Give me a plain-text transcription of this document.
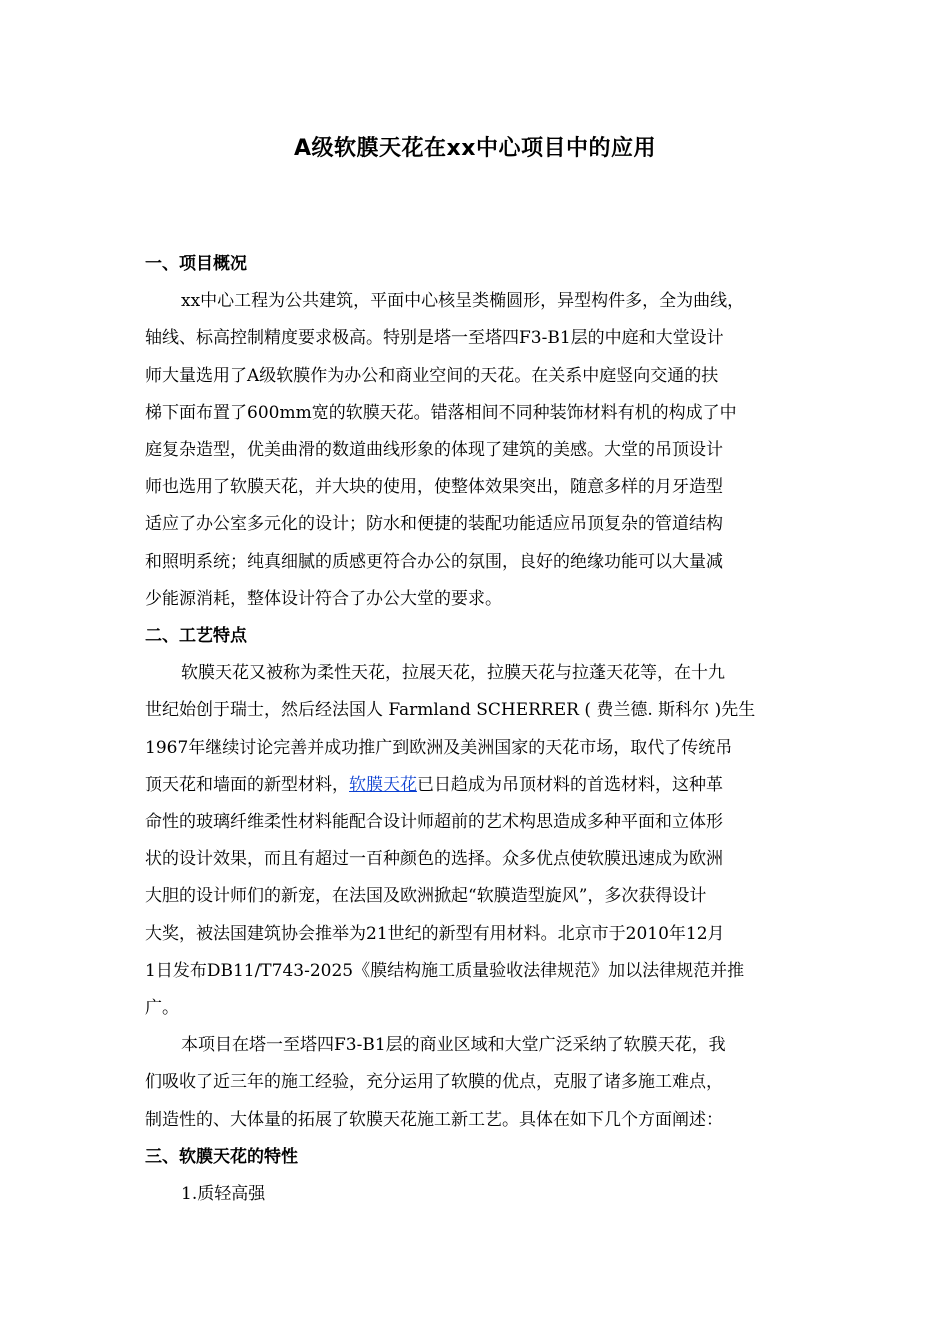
A级软膜天花在xx中心项目中的应用

一、项目概况

xx中心工程为公共建筑，平面中心核呈类椭圆形，异型构件多，全为曲线，
轴线、标高控制精度要求极高。特别是塔一至塔四F3-B1层的中庭和大堂设计
师大量选用了A级软膜作为办公和商业空间的天花。在关系中庭竖向交通的扶
梯下面布置了600mm宽的软膜天花。错落相间不同种装饰材料有机的构成了中
庭复杂造型，优美曲滑的数道曲线形象的体现了建筑的美感。大堂的吊顶设计
师也选用了软膜天花，并大块的使用，使整体效果突出，随意多样的月牙造型
适应了办公室多元化的设计；防水和便捷的装配功能适应吊顶复杂的管道结构
和照明系统；纯真细腻的质感更符合办公的氛围，良好的绝缘功能可以大量减
少能源消耗，整体设计符合了办公大堂的要求。

二、工艺特点

软膜天花又被称为柔性天花，拉展天花，拉膜天花与拉蓬天花等，在十九
世纪始创于瑞士，然后经法国人 Farmland SCHERRER ( 费兰德. 斯科尔 )先生
1967年继续讨论完善并成功推广到欧洲及美洲国家的天花市场，取代了传统吊
顶天花和墙面的新型材料，软膜天花已日趋成为吊顶材料的首选材料，这种革
命性的玻璃纤维柔性材料能配合设计师超前的艺术构思造成多种平面和立体形
状的设计效果，而且有超过一百种颜色的选择。众多优点使软膜迅速成为欧洲
大胆的设计师们的新宠，在法国及欧洲掀起“软膜造型旋风”，多次获得设计
大奖，被法国建筑协会推举为21世纪的新型有用材料。北京市于2010年12月
1日发布DB11/T743-2025《膜结构施工质量验收法律规范》加以法律规范并推
广。

本项目在塔一至塔四F3-B1层的商业区域和大堂广泛采纳了软膜天花，我
们吸收了近三年的施工经验，充分运用了软膜的优点，克服了诸多施工难点，
制造性的、大体量的拓展了软膜天花施工新工艺。具体在如下几个方面阐述：

三、软膜天花的特性

1.质轻高强
